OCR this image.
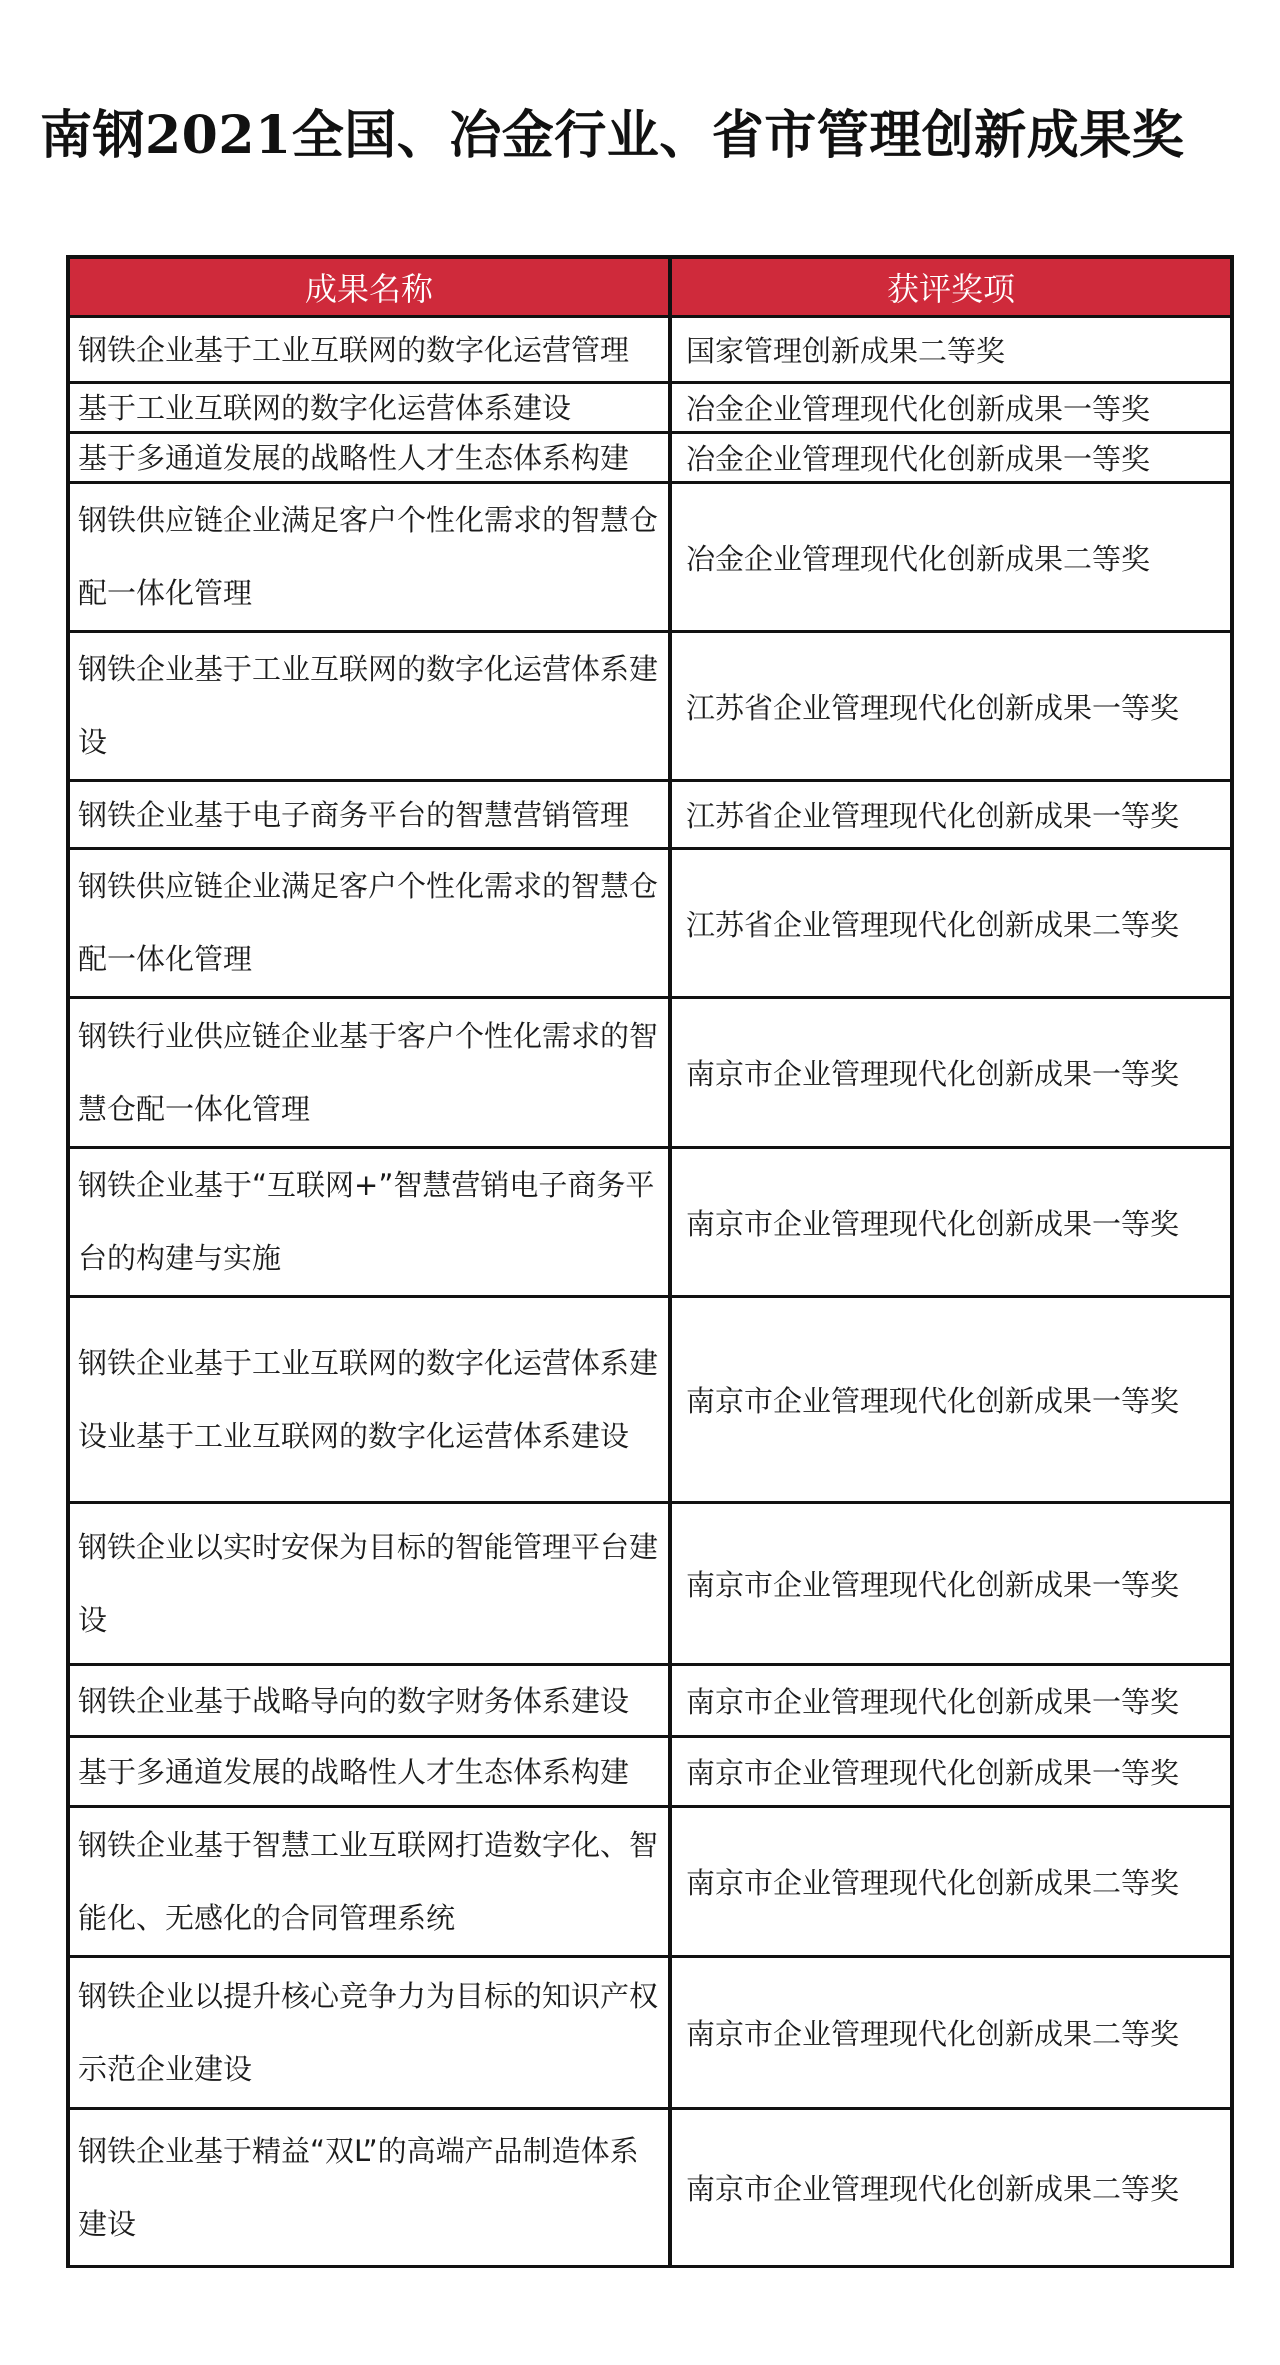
南钢2021全国、冶金行业、省市管理创新成果奖
成果名称	获评奖项
钢铁企业基于工业互联网的数字化运营管理	国家管理创新成果二等奖
基于工业互联网的数字化运营体系建设	冶金企业管理现代化创新成果一等奖
基于多通道发展的战略性人才生态体系构建	冶金企业管理现代化创新成果一等奖
钢铁供应链企业满足客户个性化需求的智慧仓配一体化管理	冶金企业管理现代化创新成果二等奖
钢铁企业基于工业互联网的数字化运营体系建设	江苏省企业管理现代化创新成果一等奖
钢铁企业基于电子商务平台的智慧营销管理	江苏省企业管理现代化创新成果一等奖
钢铁供应链企业满足客户个性化需求的智慧仓配一体化管理	江苏省企业管理现代化创新成果二等奖
钢铁行业供应链企业基于客户个性化需求的智慧仓配一体化管理	南京市企业管理现代化创新成果一等奖
钢铁企业基于“互联网+”智慧营销电子商务平台的构建与实施	南京市企业管理现代化创新成果一等奖
钢铁企业基于工业互联网的数字化运营体系建设业基于工业互联网的数字化运营体系建设	南京市企业管理现代化创新成果一等奖
钢铁企业以实时安保为目标的智能管理平台建设	南京市企业管理现代化创新成果一等奖
钢铁企业基于战略导向的数字财务体系建设	南京市企业管理现代化创新成果一等奖
基于多通道发展的战略性人才生态体系构建	南京市企业管理现代化创新成果一等奖
钢铁企业基于智慧工业互联网打造数字化、智能化、无感化的合同管理系统	南京市企业管理现代化创新成果二等奖
钢铁企业以提升核心竞争力为目标的知识产权示范企业建设	南京市企业管理现代化创新成果二等奖
钢铁企业基于精益“双L”的高端产品制造体系建设	南京市企业管理现代化创新成果二等奖
